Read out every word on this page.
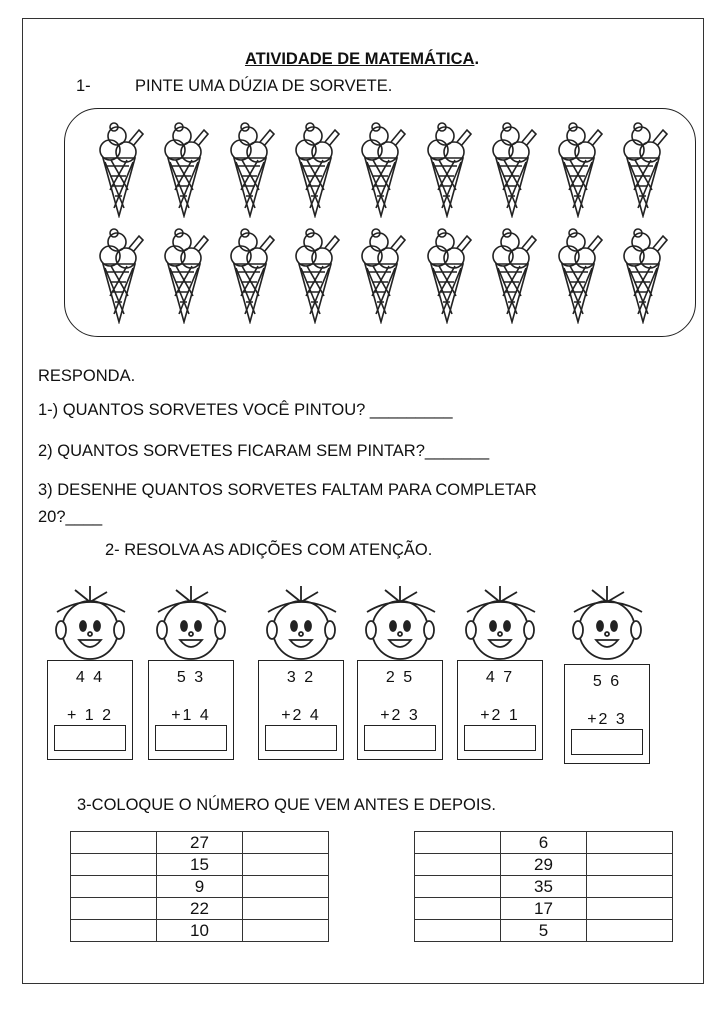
ATIVIDADE DE MATEMÁTICA.
1-	PINTE UMA DÚZIA DE SORVETE.
RESPONDA.
1-) QUANTOS SORVETES VOCÊ PINTOU? _________
2) QUANTOS SORVETES FICARAM SEM PINTAR?_______
3) DESENHE QUANTOS SORVETES FALTAM PARA COMPLETAR
20?____
2- RESOLVA AS ADIÇÕES COM ATENÇÃO.
4 4
+ 1 2
5 3
+1 4
3 2
+2 4
2 5
+2 3
4 7
+2 1
5 6
+2 3
3-COLOQUE O NÚMERO QUE VEM ANTES E DEPOIS.
	27	
	15	
	9	
	22	
	10	
	6	
	29	
	35	
	17	
	5	
